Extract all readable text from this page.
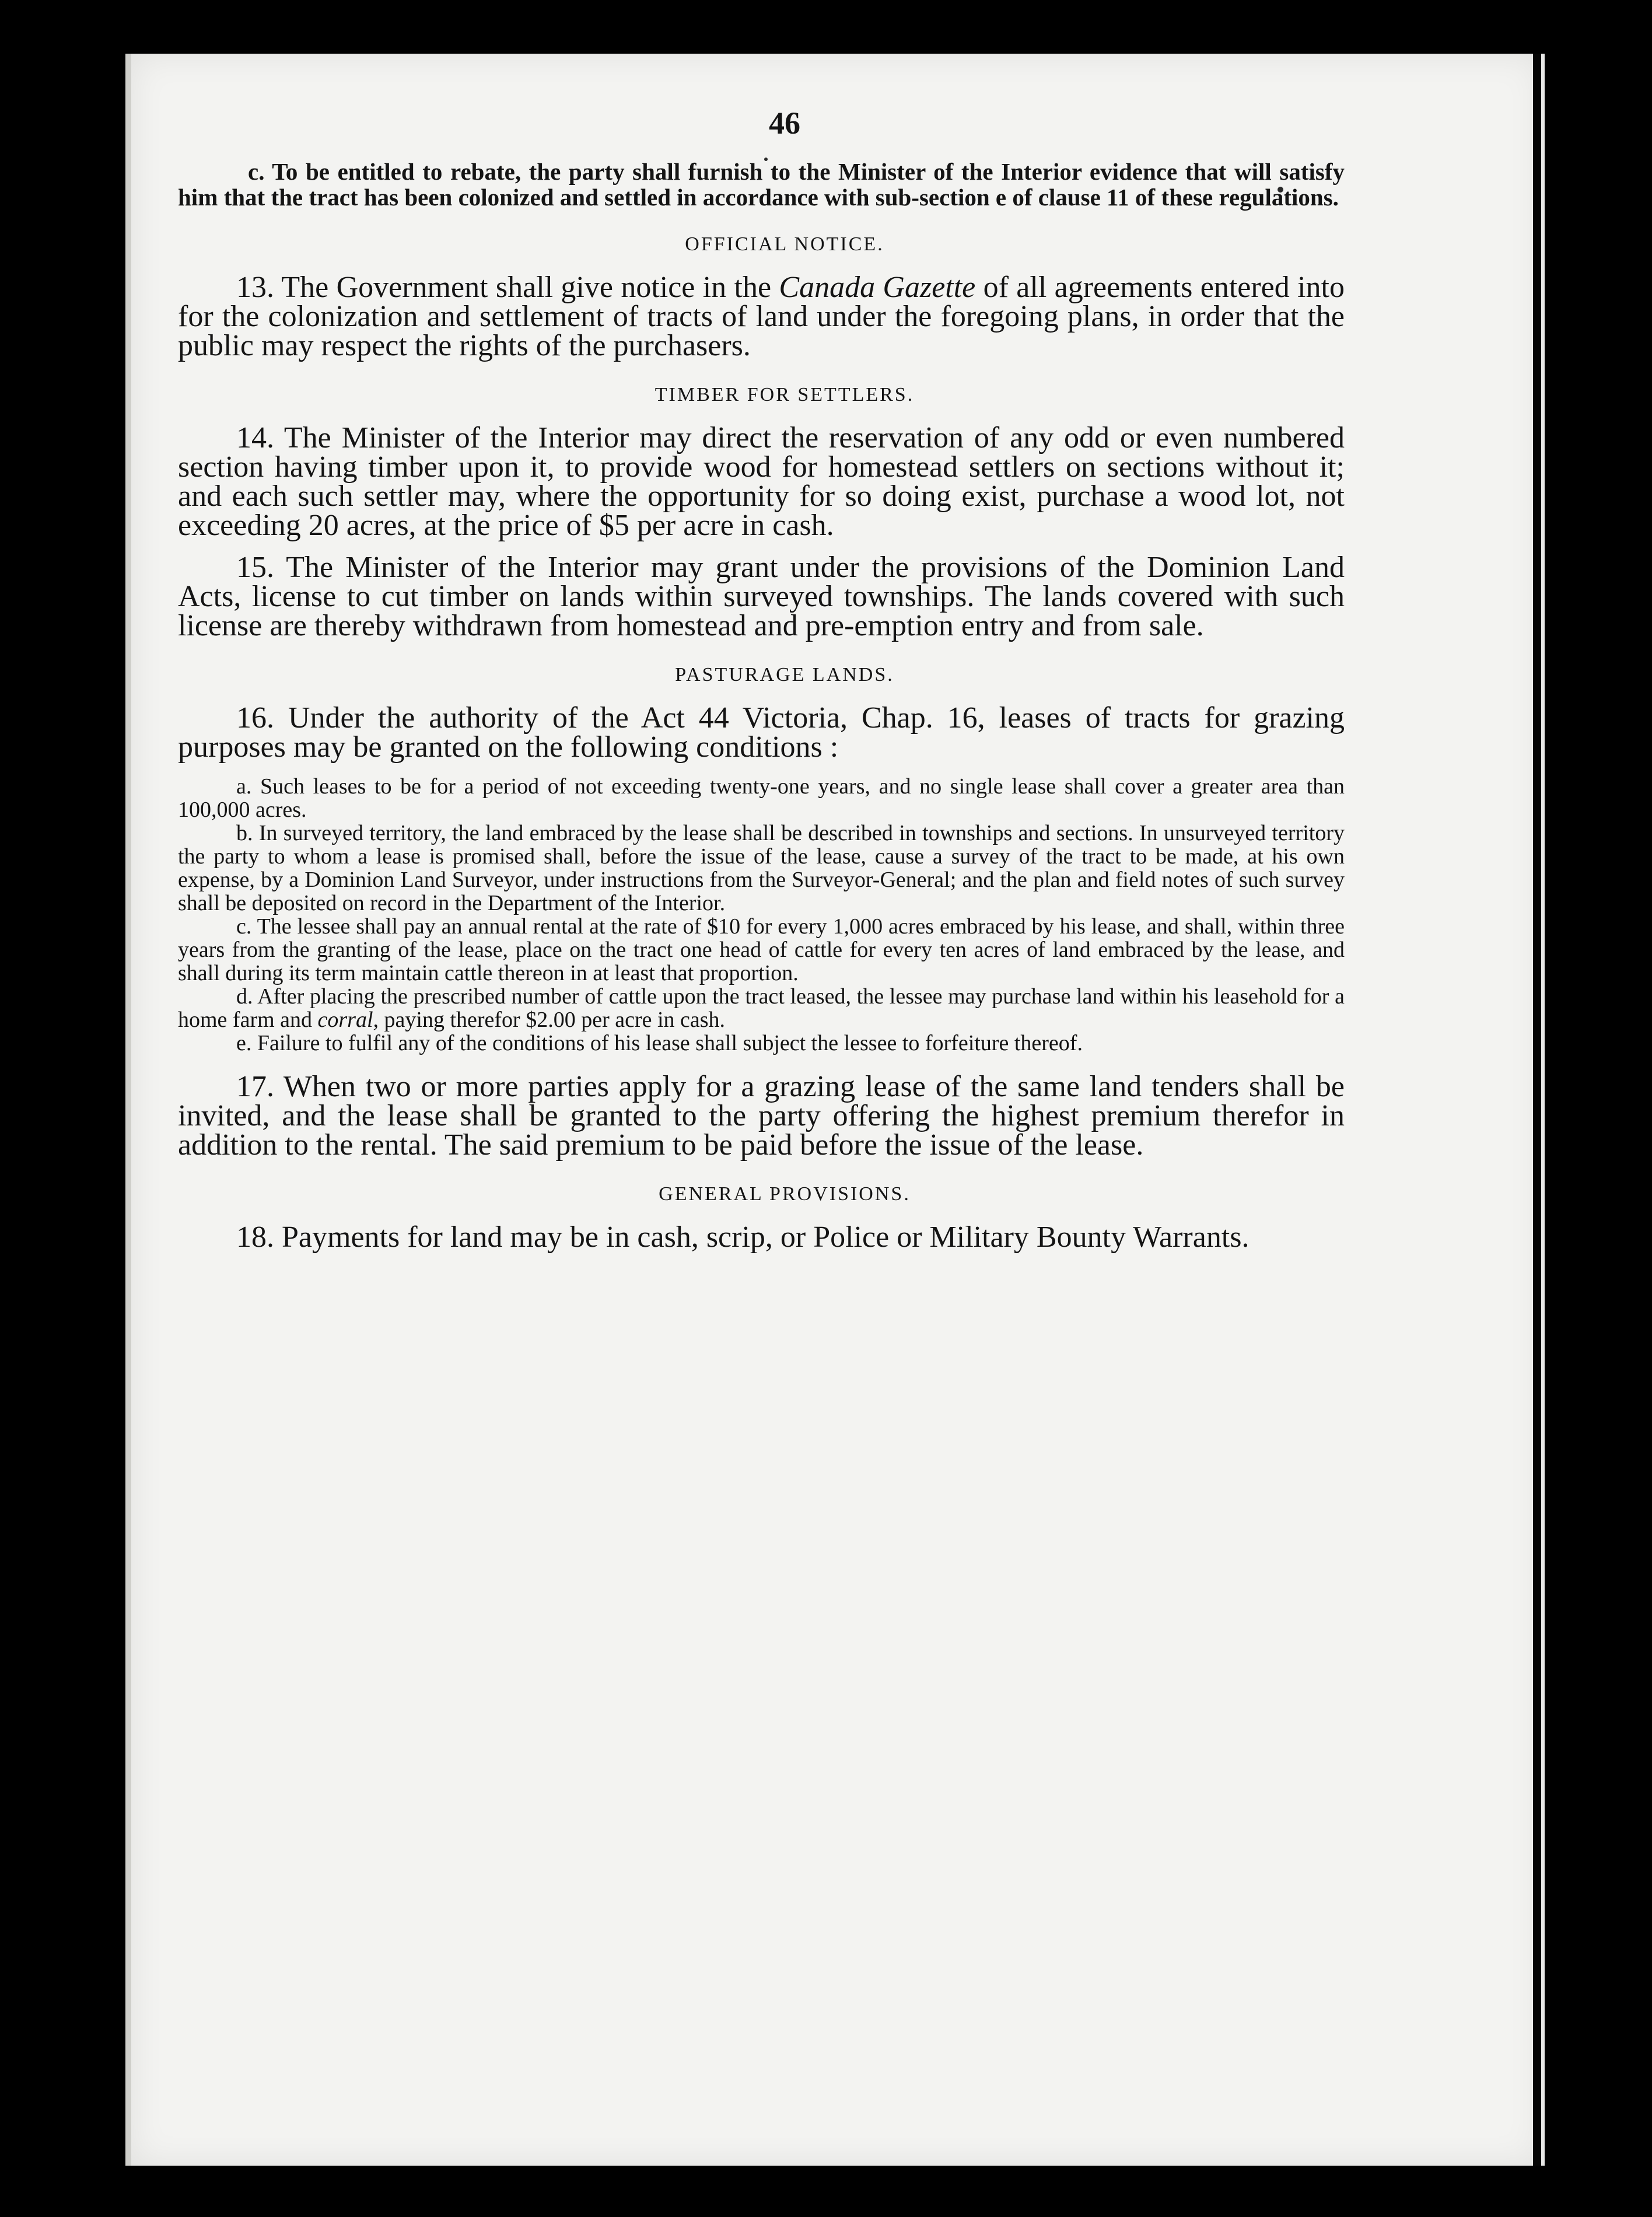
46

c. To be entitled to rebate, the party shall furnish to the Minister of the Interior evidence that will satisfy him that the tract has been colonized and settled in accordance with sub-section e of clause 11 of these regulations.

OFFICIAL NOTICE.

13. The Government shall give notice in the Canada Gazette of all agreements entered into for the colonization and settlement of tracts of land under the foregoing plans, in order that the public may respect the rights of the purchasers.

TIMBER FOR SETTLERS.

14. The Minister of the Interior may direct the reservation of any odd or even numbered section having timber upon it, to provide wood for homestead settlers on sections without it; and each such settler may, where the opportunity for so doing exist, purchase a wood lot, not exceeding 20 acres, at the price of $5 per acre in cash.

15. The Minister of the Interior may grant under the provisions of the Dominion Land Acts, license to cut timber on lands within surveyed townships. The lands covered with such license are thereby withdrawn from homestead and pre-emption entry and from sale.

PASTURAGE LANDS.

16. Under the authority of the Act 44 Victoria, Chap. 16, leases of tracts for grazing purposes may be granted on the following conditions :

a. Such leases to be for a period of not exceeding twenty-one years, and no single lease shall cover a greater area than 100,000 acres.

b. In surveyed territory, the land embraced by the lease shall be described in townships and sections. In unsurveyed territory the party to whom a lease is promised shall, before the issue of the lease, cause a survey of the tract to be made, at his own expense, by a Dominion Land Surveyor, under instructions from the Surveyor-General; and the plan and field notes of such survey shall be deposited on record in the Department of the Interior.

c. The lessee shall pay an annual rental at the rate of $10 for every 1,000 acres embraced by his lease, and shall, within three years from the granting of the lease, place on the tract one head of cattle for every ten acres of land embraced by the lease, and shall during its term maintain cattle thereon in at least that proportion.

d. After placing the prescribed number of cattle upon the tract leased, the lessee may purchase land within his leasehold for a home farm and corral, paying therefor $2.00 per acre in cash.

e. Failure to fulfil any of the conditions of his lease shall subject the lessee to forfeiture thereof.

17. When two or more parties apply for a grazing lease of the same land tenders shall be invited, and the lease shall be granted to the party offering the highest premium therefor in addition to the rental. The said premium to be paid before the issue of the lease.

GENERAL PROVISIONS.

18. Payments for land may be in cash, scrip, or Police or Military Bounty Warrants.
